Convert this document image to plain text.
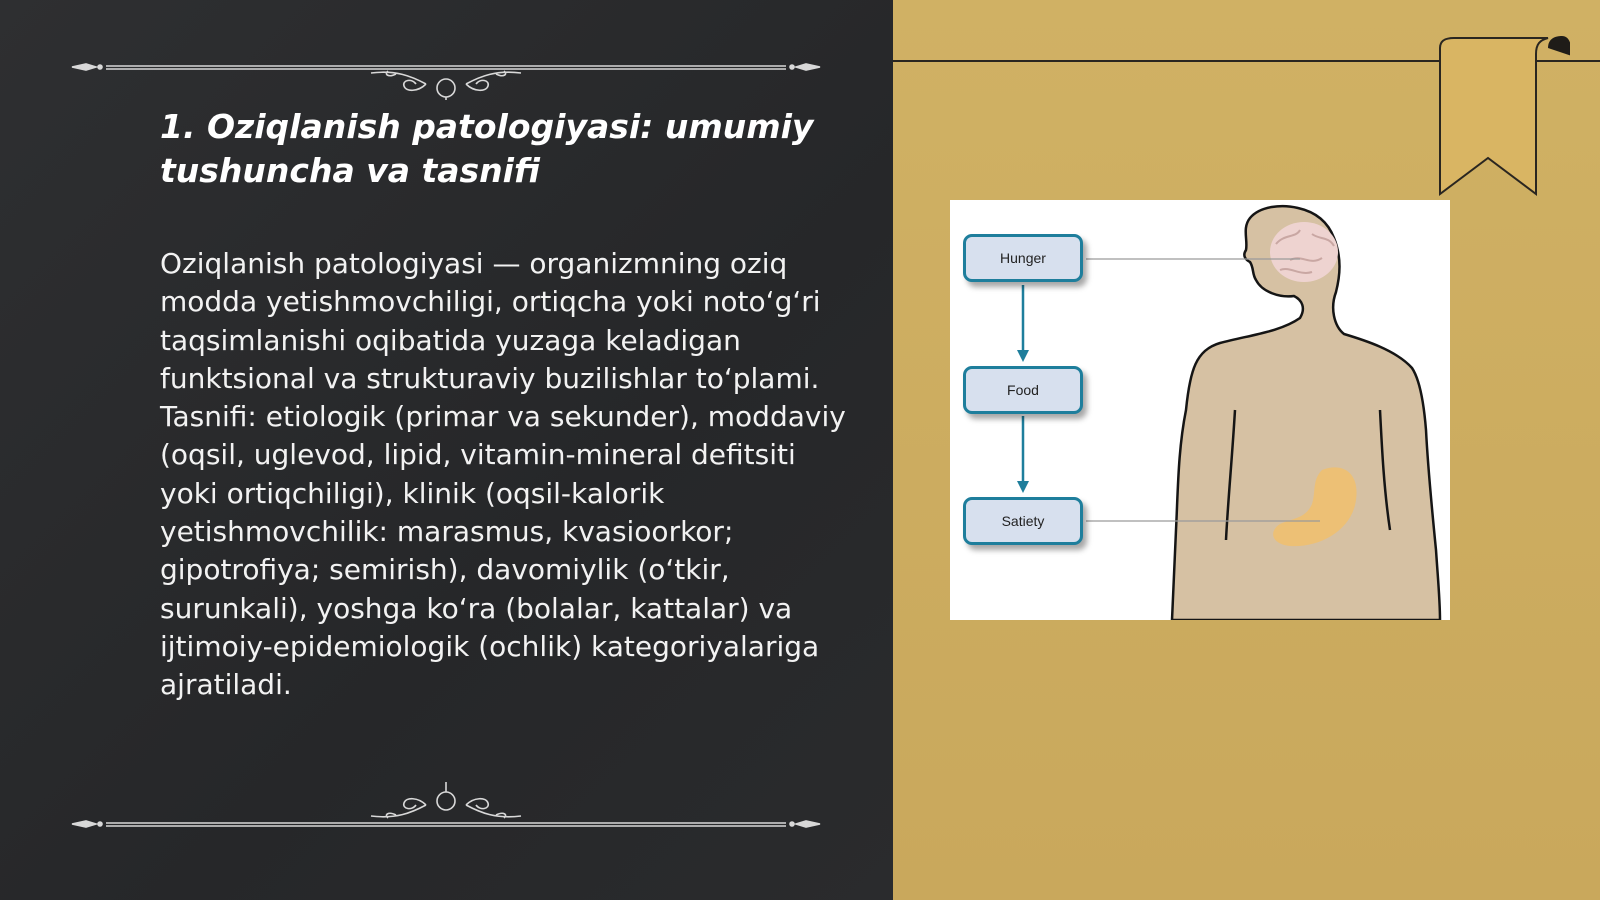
1. Oziqlanish patologiyasi: umumiy tushuncha va tasnifi

Oziqlanish patologiyasi — organizmning oziq modda yetishmovchiligi, ortiqcha yoki noto‘g‘ri taqsimlanishi oqibatida yuzaga keladigan funktsional va strukturaviy buzilishlar to‘plami. Tasnifi: etiologik (primar va sekunder), moddaviy (oqsil, uglevod, lipid, vitamin-mineral defitsiti yoki ortiqchiligi), klinik (oqsil-kalorik yetishmovchilik: marasmus, kvasioorkor; gipotrofiya; semirish), davomiylik (o‘tkir, surunkali), yoshga ko‘ra (bolalar, kattalar) va ijtimoiy-epidemiologik (ochlik) kategoriyalariga ajratiladi.

Hunger
Food
Satiety
